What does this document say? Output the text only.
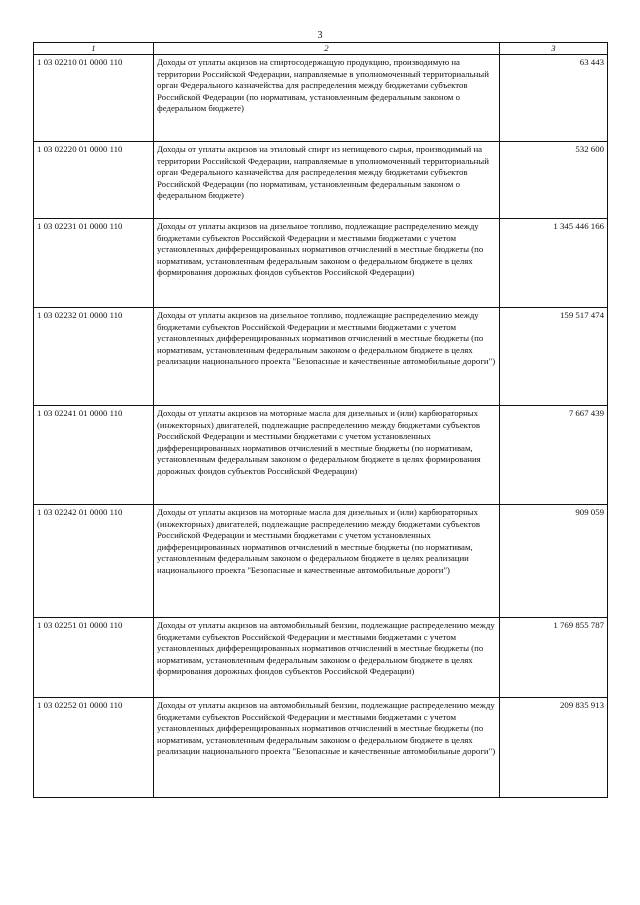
3
1	2	3
1 03 02210 01 0000 110	Доходы от уплаты акцизов на спиртосодержащую продукцию, производимую на территории Российской Федерации, направляемые в уполномоченный территориальный орган Федерального казначейства для распределения между бюджетами субъектов Российской Федерации (по нормативам, установленным федеральным законом о федеральном бюджете)	63 443
1 03 02220 01 0000 110	Доходы от уплаты акцизов на этиловый спирт из непищевого сырья, производимый на территории Российской Федерации, направляемые в уполномоченный территориальный орган Федерального казначейства для распределения между бюджетами субъектов Российской Федерации (по нормативам, установленным федеральным законом о федеральном бюджете)	532 600
1 03 02231 01 0000 110	Доходы от уплаты акцизов на дизельное топливо, подлежащие распределению между бюджетами субъектов Российской Федерации и местными бюджетами с учетом установленных дифференцированных нормативов отчислений в местные бюджеты (по нормативам, установленным федеральным законом о федеральном бюджете в целях формирования дорожных фондов субъектов Российской Федерации)	1 345 446 166
1 03 02232 01 0000 110	Доходы от уплаты акцизов на дизельное топливо, подлежащие распределению между бюджетами субъектов Российской Федерации и местными бюджетами с учетом установленных дифференцированных нормативов отчислений в местные бюджеты (по нормативам, установленным федеральным законом о федеральном бюджете в целях реализации национального проекта "Безопасные и качественные автомобильные дороги")	159 517 474
1 03 02241 01 0000 110	Доходы от уплаты акцизов на моторные масла для дизельных и (или) карбюраторных (инжекторных) двигателей, подлежащие распределению между бюджетами субъектов Российской Федерации и местными бюджетами с учетом установленных дифференцированных нормативов отчислений в местные бюджеты (по нормативам, установленным федеральным законом о федеральном бюджете в целях формирования дорожных фондов субъектов Российской Федерации)	7 667 439
1 03 02242 01 0000 110	Доходы от уплаты акцизов на моторные масла для дизельных и (или) карбюраторных (инжекторных) двигателей, подлежащие распределению между бюджетами субъектов Российской Федерации и местными бюджетами с учетом установленных дифференцированных нормативов отчислений в местные бюджеты (по нормативам, установленным федеральным законом о федеральном бюджете в целях реализации национального проекта "Безопасные и качественные автомобильные дороги")	909 059
1 03 02251 01 0000 110	Доходы от уплаты акцизов на автомобильный бензин, подлежащие распределению между бюджетами субъектов Российской Федерации и местными бюджетами с учетом установленных дифференцированных нормативов отчислений в местные бюджеты (по нормативам, установленным федеральным законом о федеральном бюджете в целях формирования дорожных фондов субъектов Российской Федерации)	1 769 855 787
1 03 02252 01 0000 110	Доходы от уплаты акцизов на автомобильный бензин, подлежащие распределению между бюджетами субъектов Российской Федерации и местными бюджетами с учетом установленных дифференцированных нормативов отчислений в местные бюджеты (по нормативам, установленным федеральным законом о федеральном бюджете в целях реализации национального проекта "Безопасные и качественные автомобильные дороги")	209 835 913
